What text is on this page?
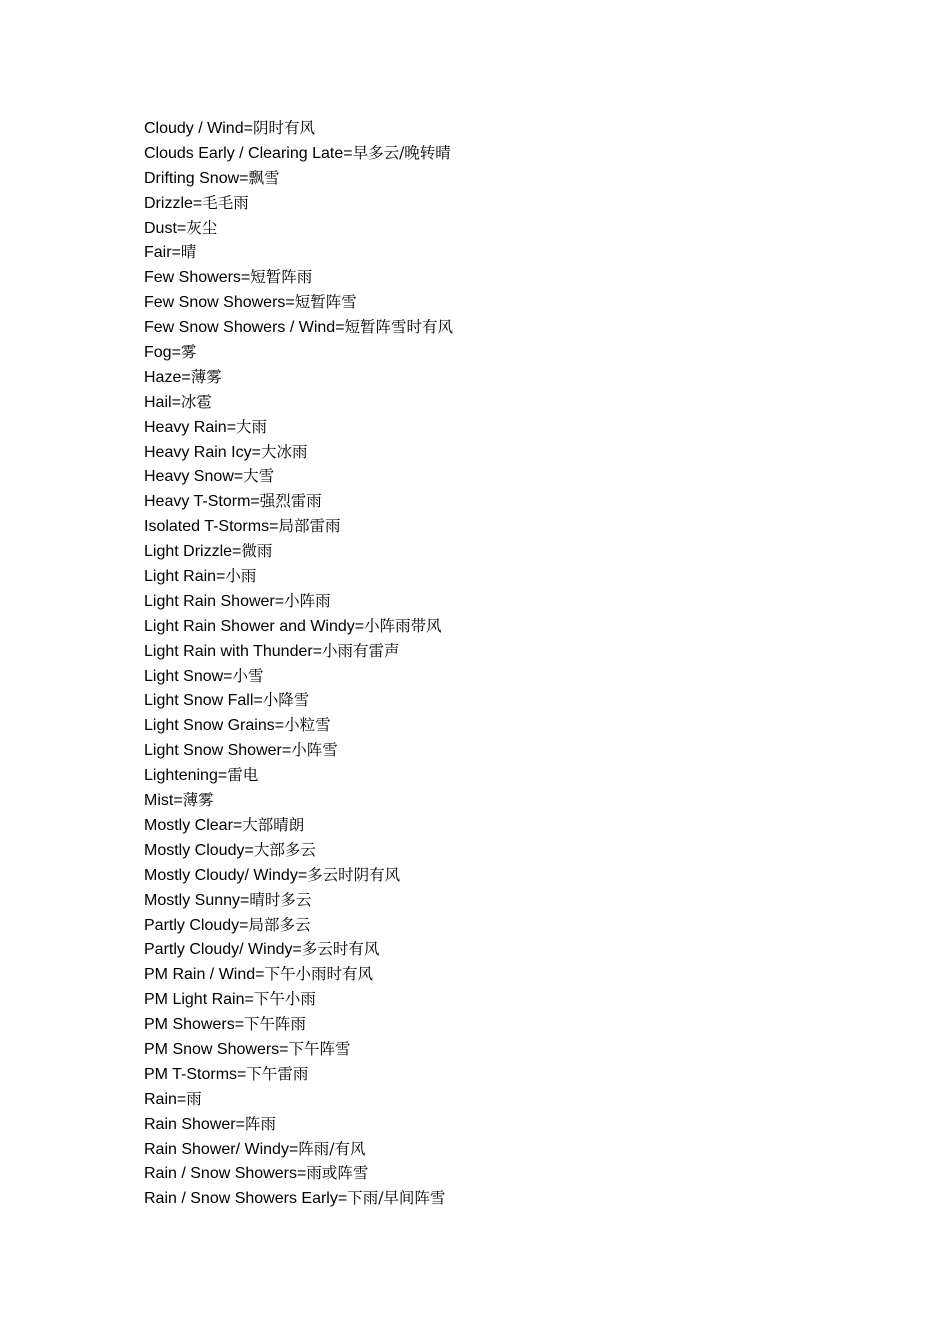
Cloudy / Wind = 阴时有风
Clouds Early / Clearing Late = 早多云/晚转晴
Drifting Snow = 飘雪
Drizzle = 毛毛雨
Dust = 灰尘
Fair = 晴
Few Showers = 短暂阵雨
Few Snow Showers = 短暂阵雪
Few Snow Showers / Wind = 短暂阵雪时有风
Fog = 雾
Haze = 薄雾
Hail = 冰雹
Heavy Rain = 大雨
Heavy Rain Icy = 大冰雨
Heavy Snow = 大雪
Heavy T-Storm = 强烈雷雨
Isolated T-Storms = 局部雷雨
Light Drizzle = 微雨
Light Rain = 小雨
Light Rain Shower = 小阵雨
Light Rain Shower and Windy = 小阵雨带风
Light Rain with Thunder = 小雨有雷声
Light Snow = 小雪
Light Snow Fall = 小降雪
Light Snow Grains = 小粒雪
Light Snow Shower = 小阵雪
Lightening = 雷电
Mist = 薄雾
Mostly Clear = 大部晴朗
Mostly Cloudy = 大部多云
Mostly Cloudy/ Windy = 多云时阴有风
Mostly Sunny = 晴时多云
Partly Cloudy = 局部多云
Partly Cloudy/ Windy = 多云时有风
PM Rain / Wind = 下午小雨时有风
PM Light Rain = 下午小雨
PM Showers = 下午阵雨
PM Snow Showers = 下午阵雪
PM T-Storms = 下午雷雨
Rain = 雨
Rain Shower = 阵雨
Rain Shower/ Windy = 阵雨/有风
Rain / Snow Showers = 雨或阵雪
Rain / Snow Showers Early = 下雨/早间阵雪
